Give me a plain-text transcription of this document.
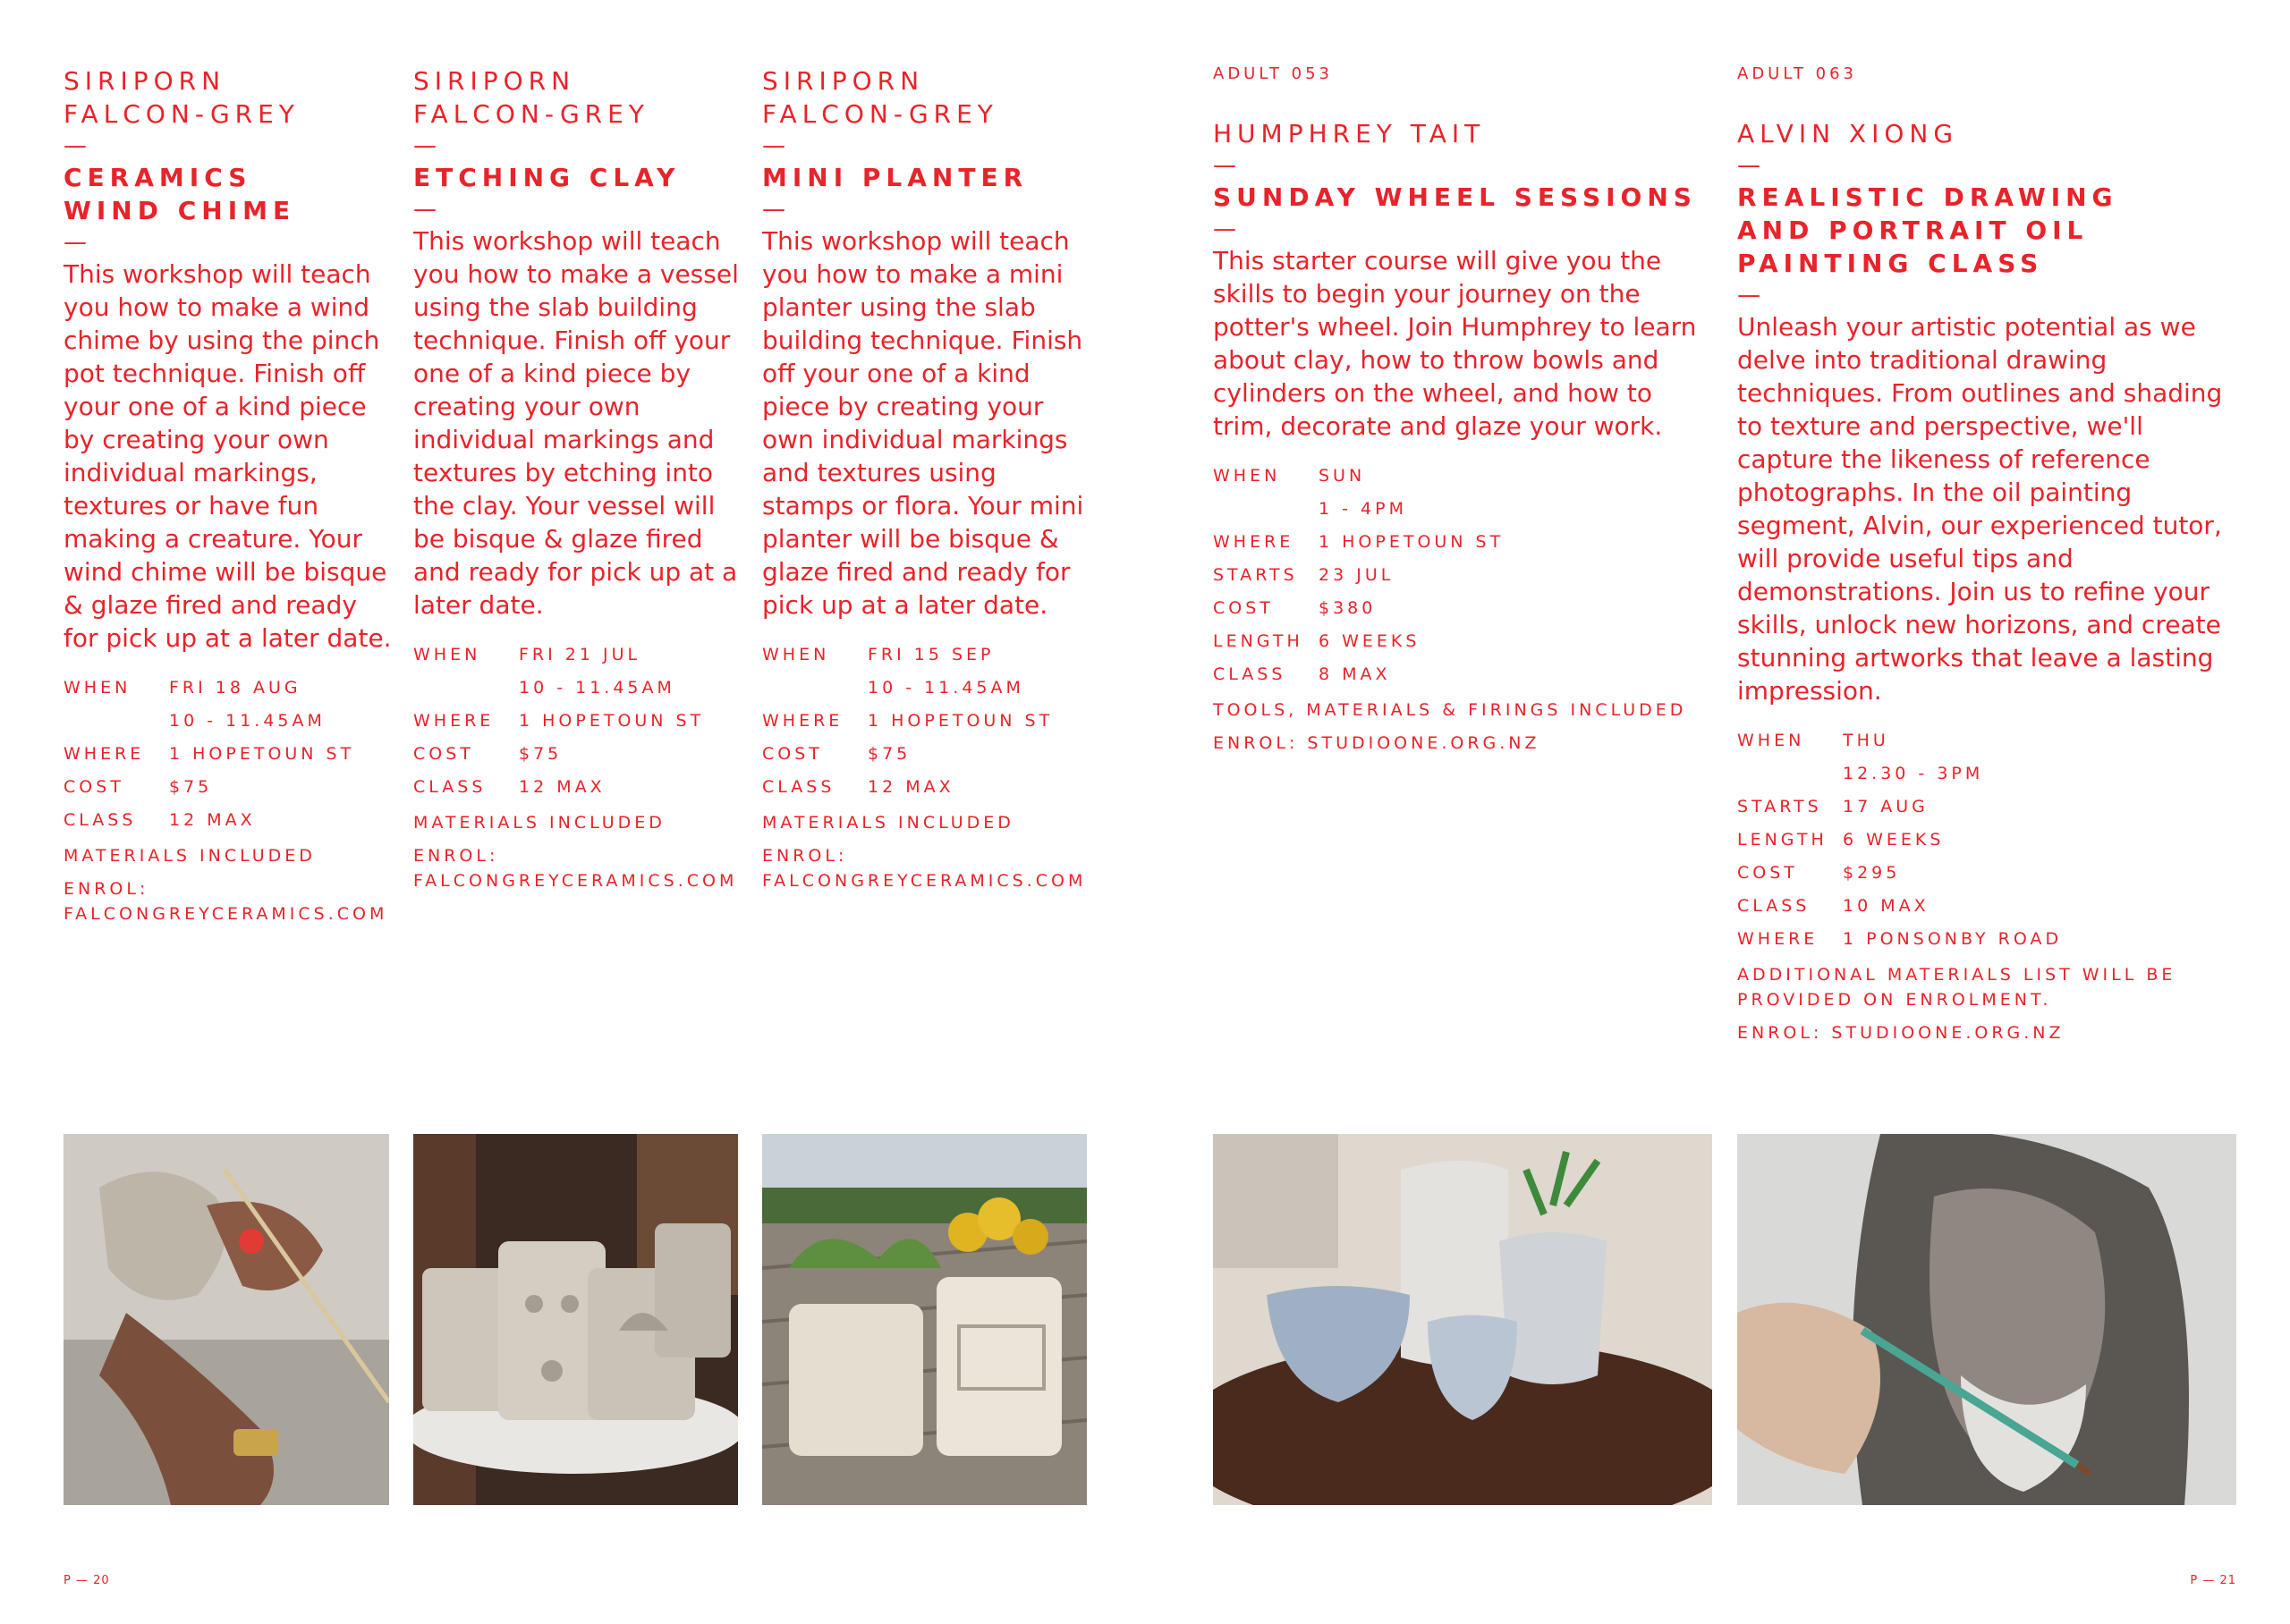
SIRIPORN
FALCON-GREY
—
CERAMICS
WIND CHIME
—

This workshop will teach you how to make a wind chime by using the pinch pot technique. Finish off your one of a kind piece by creating your own individual markings, textures or have fun making a creature. Your wind chime will be bisque & glaze fired and ready for pick up at a later date.

WHEN	FRI 18 AUG
10 - 11.45AM
WHERE	1 HOPETOUN ST
COST	$75
CLASS	12 MAX
MATERIALS INCLUDED
ENROL:
FALCONGREYCERAMICS.COM
SIRIPORN
FALCON-GREY
—
ETCHING CLAY
—

This workshop will teach you how to make a vessel using the slab building technique. Finish off your one of a kind piece by creating your own individual markings and textures by etching into the clay. Your vessel will be bisque & glaze fired and ready for pick up at a later date.

WHEN	FRI 21 JUL
10 - 11.45AM
WHERE	1 HOPETOUN ST
COST	$75
CLASS	12 MAX
MATERIALS INCLUDED
ENROL:
FALCONGREYCERAMICS.COM
SIRIPORN
FALCON-GREY
—
MINI PLANTER
—

This workshop will teach you how to make a mini planter using the slab building technique. Finish off your one of a kind piece by creating your own individual markings and textures using stamps or flora. Your mini planter will be bisque & glaze fired and ready for pick up at a later date.

WHEN	FRI 15 SEP
10 - 11.45AM
WHERE	1 HOPETOUN ST
COST	$75
CLASS	12 MAX
MATERIALS INCLUDED
ENROL:
FALCONGREYCERAMICS.COM
ADULT 053
HUMPHREY TAIT
—
SUNDAY WHEEL SESSIONS
—

This starter course will give you the skills to begin your journey on the potter's wheel. Join Humphrey to learn about clay, how to throw bowls and cylinders on the wheel, and how to trim, decorate and glaze your work.

WHEN	SUN
1 - 4PM
WHERE	1 HOPETOUN ST
STARTS	23 JUL
COST	$380
LENGTH 6 WEEKS
CLASS	8 MAX
TOOLS, MATERIALS & FIRINGS INCLUDED
ENROL: STUDIOONE.ORG.NZ
ADULT 063
ALVIN XIONG
—
REALISTIC DRAWING
AND PORTRAIT OIL
PAINTING CLASS
—

Unleash your artistic potential as we delve into traditional drawing techniques. From outlines and shading to texture and perspective, we'll capture the likeness of reference photographs. In the oil painting segment, Alvin, our experienced tutor, will provide useful tips and demonstrations. Join us to refine your skills, unlock new horizons, and create stunning artworks that leave a lasting impression.

WHEN	THU
12.30 - 3PM
STARTS	17 AUG
LENGTH 6 WEEKS
COST	$295
CLASS	10 MAX
WHERE	1 PONSONBY ROAD
ADDITIONAL MATERIALS LIST WILL BE PROVIDED ON ENROLMENT.
ENROL: STUDIOONE.ORG.NZ
P — 20	P — 21
